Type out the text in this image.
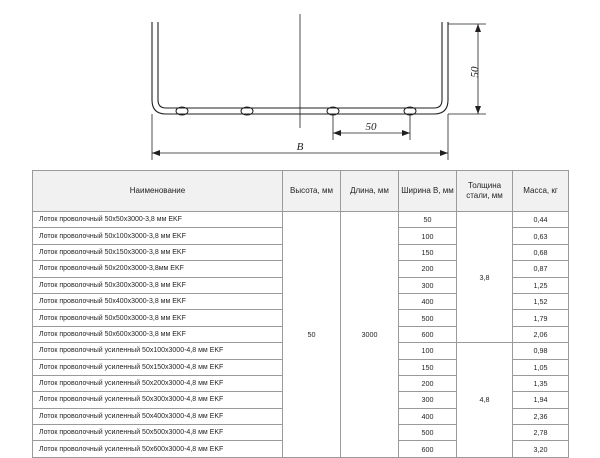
50
50
B
Наименование	Высота, мм	Длина, мм	Ширина B, мм	Толщина стали, мм	Масса, кг
Лоток проволочный 50x50x3000-3,8 мм EKF	50	3000	50	3,8	0,44
Лоток проволочный 50x100x3000-3,8 мм EKF			100		0,63
Лоток проволочный 50x150x3000-3,8 мм EKF			150		0,68
Лоток проволочный 50x200x3000-3,8мм EKF			200		0,87
Лоток проволочный 50x300x3000-3,8 мм EKF			300		1,25
Лоток проволочный 50x400x3000-3,8 мм EKF			400		1,52
Лоток проволочный 50x500x3000-3,8 мм EKF			500		1,79
Лоток проволочный 50x600x3000-3,8 мм EKF			600		2,06
Лоток проволочный усиленный 50x100x3000-4,8 мм EKF			100	4,8	0,98
Лоток проволочный усиленный 50x150x3000-4,8 мм EKF			150		1,05
Лоток проволочный усиленный 50x200x3000-4,8 мм EKF			200		1,35
Лоток проволочный усиленный 50x300x3000-4,8 мм EKF			300		1,94
Лоток проволочный усиленный 50x400x3000-4,8 мм EKF			400		2,36
Лоток проволочный усиленный 50x500x3000-4,8 мм EKF			500		2,78
Лоток проволочный усиленный 50x600x3000-4,8 мм EKF			600		3,20
